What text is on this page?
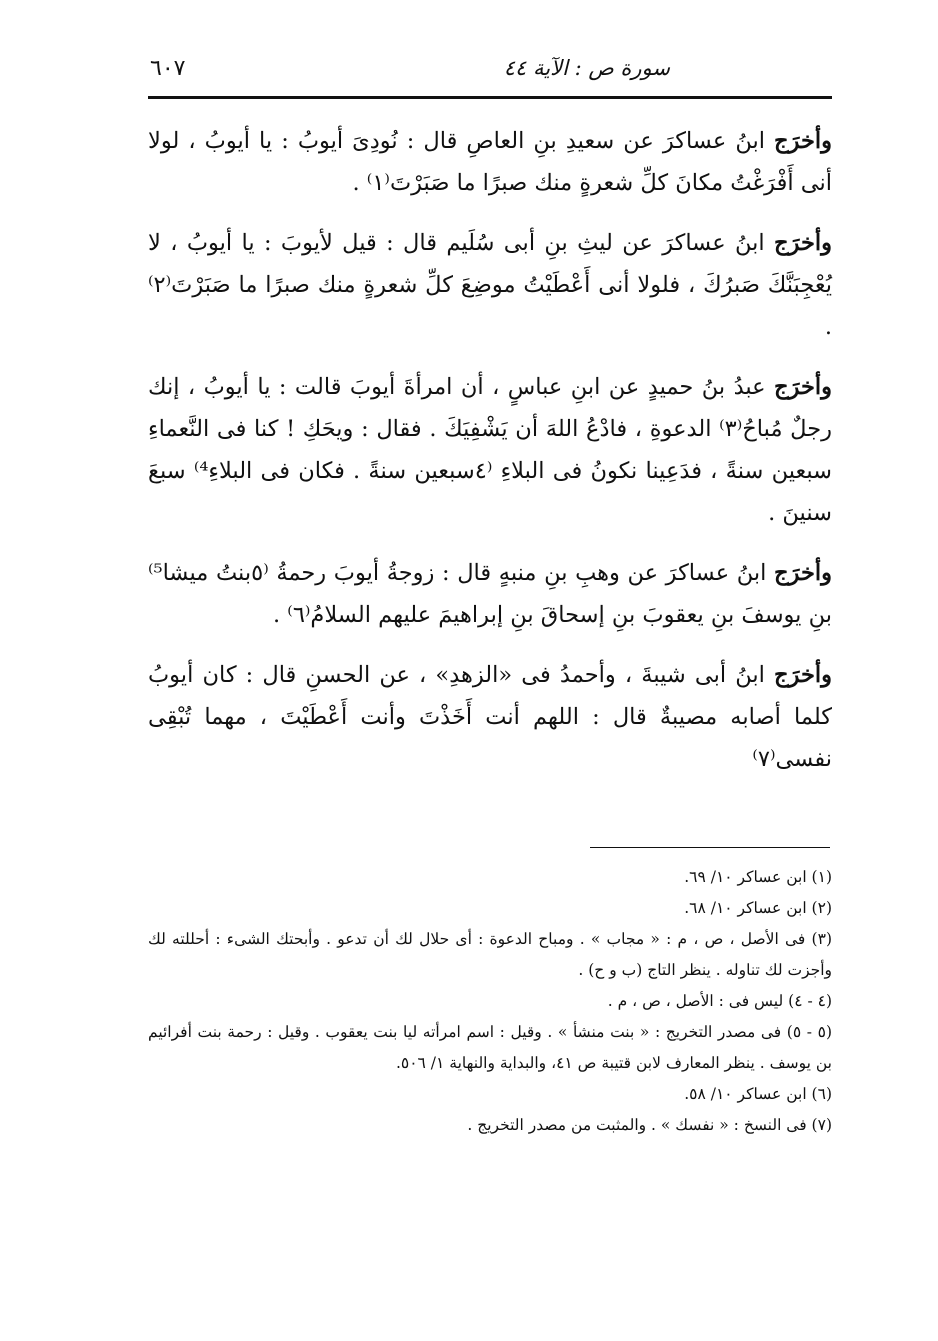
سورة ص : الآية ٤٤
٦٠٧

وأخرَج ابنُ عساكرَ عن سعيدِ بنِ العاصِ قال : نُودِىَ أيوبُ : يا أيوبُ ، لولا أنى أَفْرَغْتُ مكانَ كلِّ شعرةٍ منك صبرًا ما صَبَرْتَ⁽١⁾ .

وأخرَج ابنُ عساكرَ عن ليثِ بنِ أبى سُلَيم قال : قيل لأيوبَ : يا أيوبُ ، لا يُعْجِبَنَّكَ صَبرُكَ ، فلولا أنى أَعْطَيْتُ موضِعَ كلِّ شعرةٍ منك صبرًا ما صَبَرْتَ⁽٢⁾ .

وأخرَج عبدُ بنُ حميدٍ عن ابنِ عباسٍ ، أن امرأةَ أيوبَ قالت : يا أيوبُ ، إنك رجلٌ مُباحُ⁽٣⁾ الدعوةِ ، فادْعُ اللهَ أن يَشْفِيَكَ . فقال : ويحَكِ ! كنا فى النَّعماءِ سبعين سنةً ، فدَعِينا نكونُ فى البلاءِ ⁽٤سبعين سنةً . فكان فى البلاءِ⁴⁾ سبعَ سنينَ .

وأخرَج ابنُ عساكرَ عن وهبِ بنِ منبهٍ قال : زوجةُ أيوبَ رحمةُ ⁽٥بنتُ ميشا⁵⁾ بنِ يوسفَ بنِ يعقوبَ بنِ إسحاقَ بنِ إبراهيمَ عليهم السلامُ⁽٦⁾ .

وأخرَج ابنُ أبى شيبةَ ، وأحمدُ فى «الزهدِ» ، عن الحسنِ قال : كان أيوبُ كلما أصابه مصيبةٌ قال : اللهم أنت أَخَذْتَ وأنت أَعْطَيْتَ ، مهما تُبْقِى نفسى⁽٧⁾

(١) ابن عساكر ١٠/ ٦٩.

(٢) ابن عساكر ١٠/ ٦٨.

(٣) فى الأصل ، ص ، م : « مجاب » . ومباح الدعوة : أى حلال لك أن تدعو . وأبحتك الشىء : أحللته لك وأجزت لك تناوله . ينظر التاج (ب و ح) .

(٤ - ٤) ليس فى : الأصل ، ص ، م .

(٥ - ٥) فى مصدر التخريج : « بنت منشأ » . وقيل : اسم امرأته ليا بنت يعقوب . وقيل : رحمة بنت أفرائيم بن يوسف . ينظر المعارف لابن قتيبة ص ٤١، والبداية والنهاية ١/ ٥٠٦.

(٦) ابن عساكر ١٠/ ٥٨.

(٧) فى النسخ : « نفسك » . والمثبت من مصدر التخريج .
